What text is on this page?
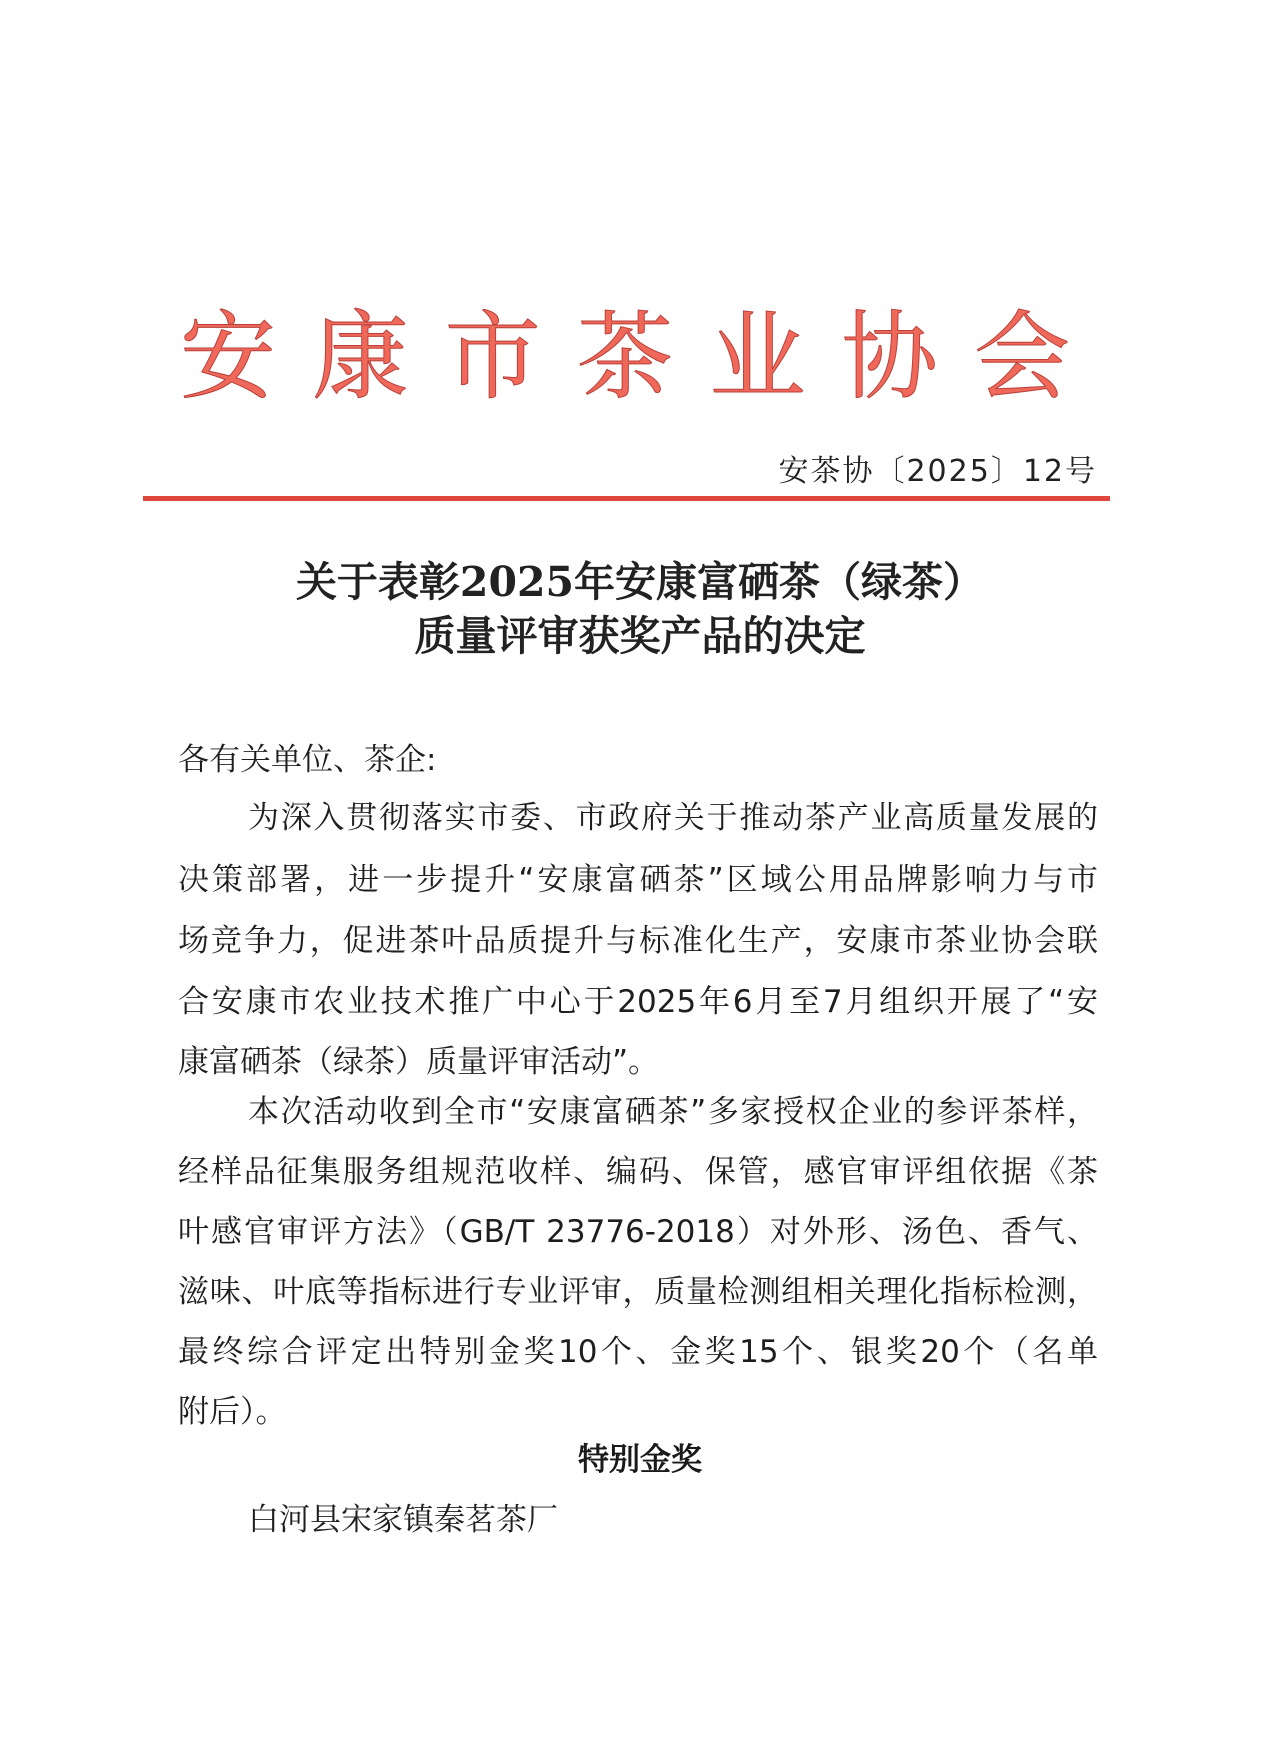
安 康 市 茶 业 协 会
安茶协〔2025〕12号
关于表彰2025年安康富硒茶（绿茶）
质量评审获奖产品的决定
各有关单位、茶企:
为深入贯彻落实市委、市政府关于推动茶产业高质量发展的
决策部署，进一步提升“安康富硒茶”区域公用品牌影响力与市
场竞争力，促进茶叶品质提升与标准化生产，安康市茶业协会联
合安康市农业技术推广中心于2025年6月至7月组织开展了“安
康富硒茶（绿茶）质量评审活动”。
本次活动收到全市“安康富硒茶”多家授权企业的参评茶样，
经样品征集服务组规范收样、编码、保管，感官审评组依据《茶
叶感官审评方法》（GB/T 23776-2018）对外形、汤色、香气、
滋味、叶底等指标进行专业评审，质量检测组相关理化指标检测，
最终综合评定出特别金奖10个、金奖15个、银奖20个（名单
附后）。
特别金奖
白河县宋家镇秦茗茶厂
